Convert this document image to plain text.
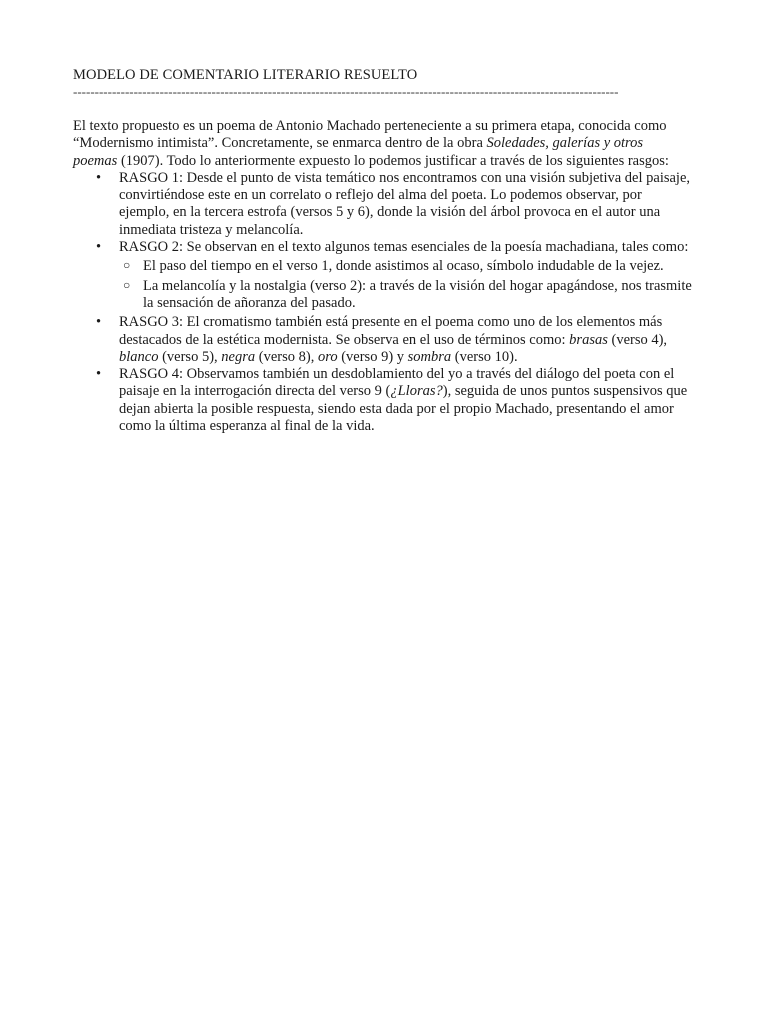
MODELO DE COMENTARIO LITERARIO RESUELTO
------------------------------------------------------------------------------------------------------------------------------

El texto propuesto es un poema de Antonio Machado perteneciente a su primera etapa, conocida como “Modernismo intimista”. Concretamente, se enmarca dentro de la obra Soledades, galerías y otros poemas (1907). Todo lo anteriormente expuesto lo podemos justificar a través de los siguientes rasgos:

• RASGO 1: Desde el punto de vista temático nos encontramos con una visión subjetiva del paisaje, convirtiéndose este en un correlato o reflejo del alma del poeta. Lo podemos observar, por ejemplo, en la tercera estrofa (versos 5 y 6), donde la visión del árbol provoca en el autor una inmediata tristeza y melancolía.
• RASGO 2: Se observan en el texto algunos temas esenciales de la poesía machadiana, tales como:
○ El paso del tiempo en el verso 1, donde asistimos al ocaso, símbolo indudable de la vejez.
○ La melancolía y la nostalgia (verso 2): a través de la visión del hogar apagándose, nos trasmite la sensación de añoranza del pasado.
• RASGO 3: El cromatismo también está presente en el poema como uno de los elementos más destacados de la estética modernista. Se observa en el uso de términos como: brasas (verso 4), blanco (verso 5), negra (verso 8), oro (verso 9) y sombra (verso 10).
• RASGO 4: Observamos también un desdoblamiento del yo a través del diálogo del poeta con el paisaje en la interrogación directa del verso 9 (¿Lloras?), seguida de unos puntos suspensivos que dejan abierta la posible respuesta, siendo esta dada por el propio Machado, presentando el amor como la última esperanza al final de la vida.
